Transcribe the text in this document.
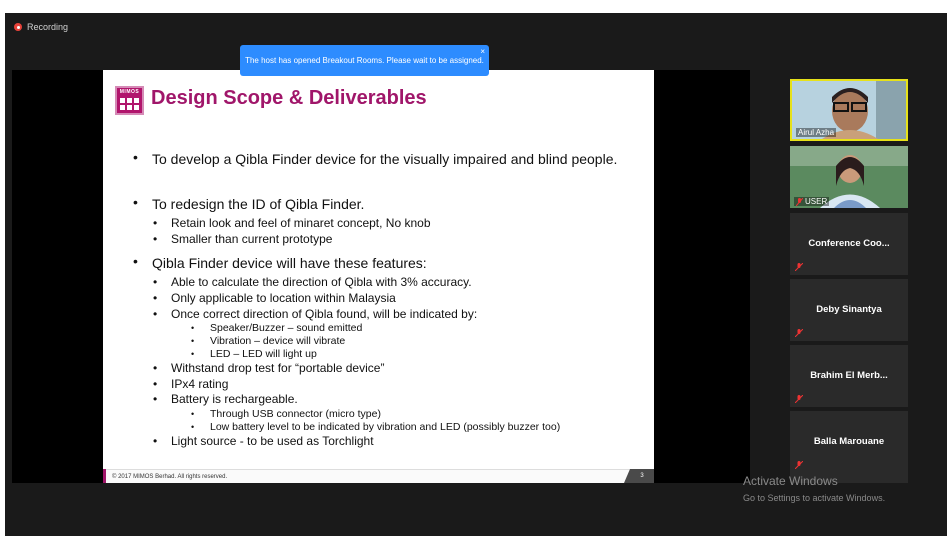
Recording
MIMOS Design Scope & Deliverables
• To develop a Qibla Finder device for the visually impaired and blind people.
• To redesign the ID of Qibla Finder.
• Retain look and feel of minaret concept, No knob
• Smaller than current prototype
• Qibla Finder device will have these features:
• Able to calculate the direction of Qibla with 3% accuracy.
• Only applicable to location within Malaysia
• Once correct direction of Qibla found, will be indicated by:
• Speaker/Buzzer – sound emitted
• Vibration – device will vibrate
• LED – LED will light up
• Withstand drop test for “portable device”
• IPx4 rating
• Battery is rechargeable.
• Through USB connector (micro type)
• Low battery level to be indicated by vibration and LED (possibly buzzer too)
• Light source - to be used as Torchlight
© 2017 MIMOS Berhad. All rights reserved.	3
The host has opened Breakout Rooms. Please wait to be assigned.
×
Airul Azha
USER
Conference Coo...
Deby Sinantya
Brahim El Merb...
Balla Marouane
Activate Windows
Go to Settings to activate Windows.
